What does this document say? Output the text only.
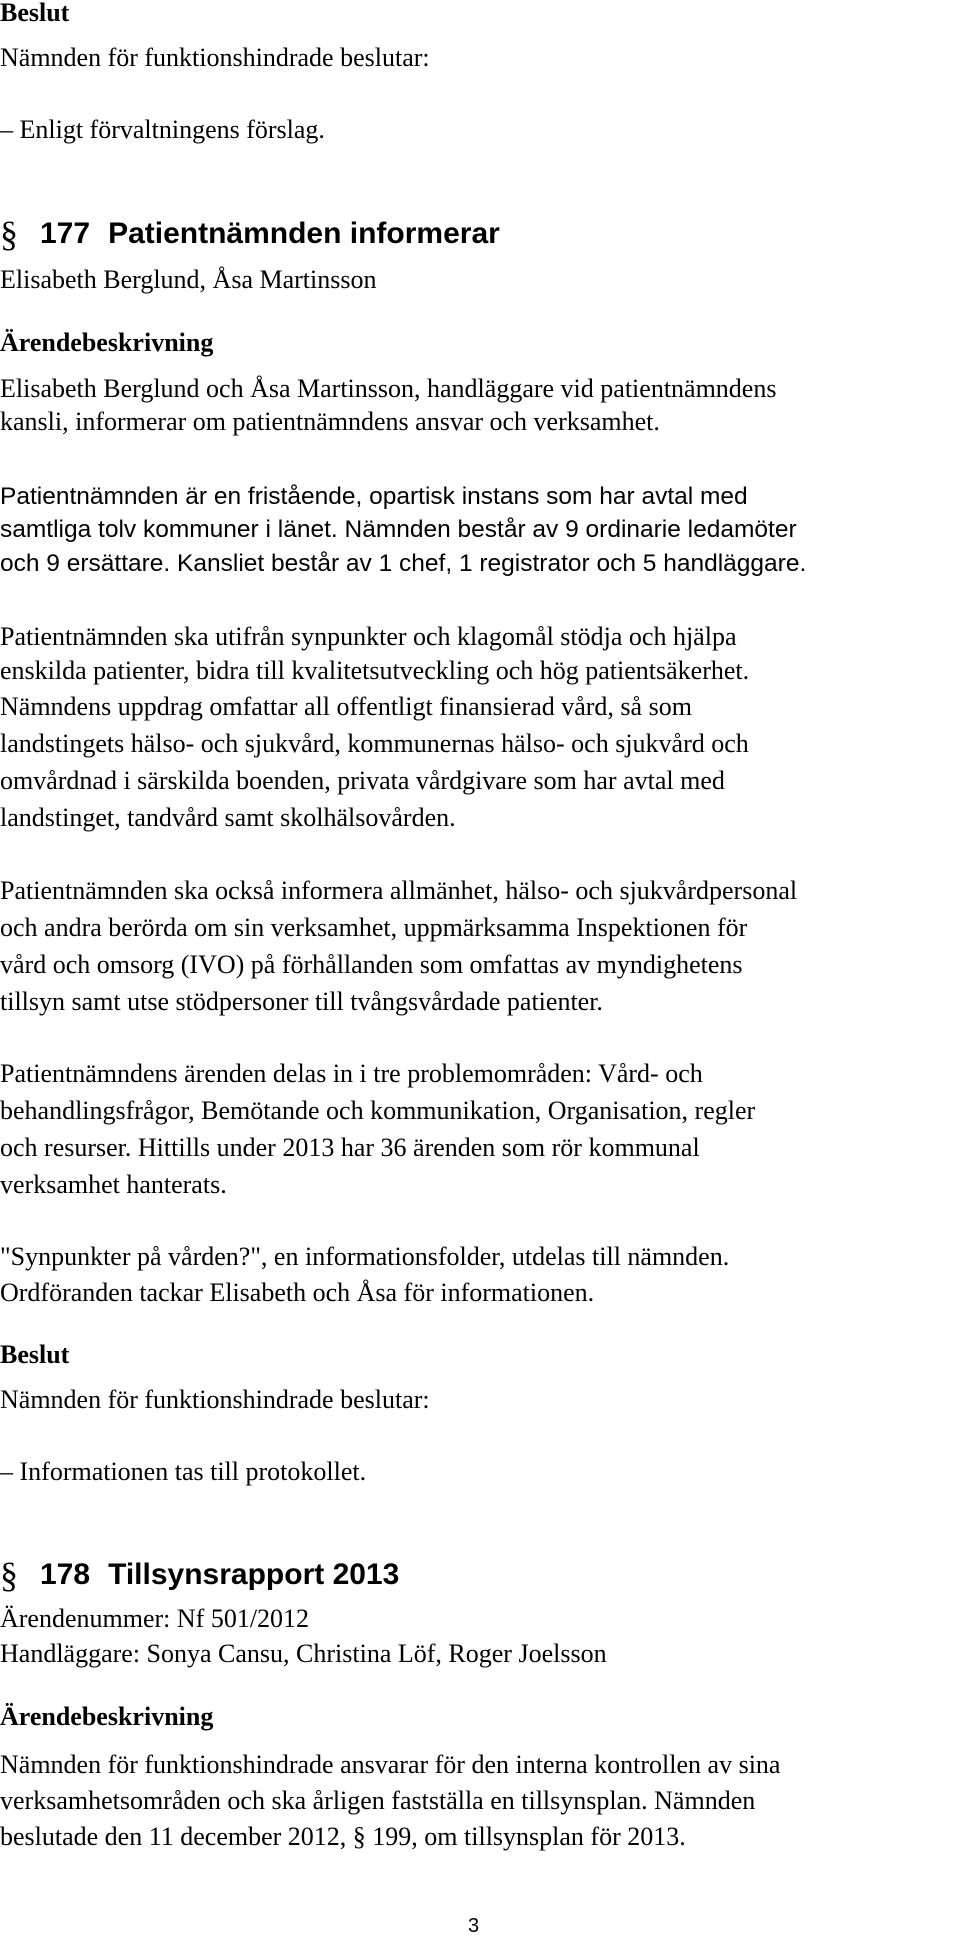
Beslut
Nämnden för funktionshindrade beslutar:
– Enligt förvaltningens förslag.
§ 177 Patientnämnden informerar
Elisabeth Berglund, Åsa Martinsson
Ärendebeskrivning
Elisabeth Berglund och Åsa Martinsson, handläggare vid patientnämndens
kansli, informerar om patientnämndens ansvar och verksamhet.
Patientnämnden är en fristående, opartisk instans som har avtal med
samtliga tolv kommuner i länet. Nämnden består av 9 ordinarie ledamöter
och 9 ersättare. Kansliet består av 1 chef, 1 registrator och 5 handläggare.
Patientnämnden ska utifrån synpunkter och klagomål stödja och hjälpa
enskilda patienter, bidra till kvalitetsutveckling och hög patientsäkerhet.
Nämndens uppdrag omfattar all offentligt finansierad vård, så som
landstingets hälso- och sjukvård, kommunernas hälso- och sjukvård och
omvårdnad i särskilda boenden, privata vårdgivare som har avtal med
landstinget, tandvård samt skolhälsovården.
Patientnämnden ska också informera allmänhet, hälso- och sjukvårdpersonal
och andra berörda om sin verksamhet, uppmärksamma Inspektionen för
vård och omsorg (IVO) på förhållanden som omfattas av myndighetens
tillsyn samt utse stödpersoner till tvångsvårdade patienter.
Patientnämndens ärenden delas in i tre problemområden: Vård- och
behandlingsfrågor, Bemötande och kommunikation, Organisation, regler
och resurser. Hittills under 2013 har 36 ärenden som rör kommunal
verksamhet hanterats.
"Synpunkter på vården?", en informationsfolder, utdelas till nämnden.
Ordföranden tackar Elisabeth och Åsa för informationen.
Beslut
Nämnden för funktionshindrade beslutar:
– Informationen tas till protokollet.
§ 178 Tillsynsrapport 2013
Ärendenummer: Nf 501/2012
Handläggare: Sonya Cansu, Christina Löf, Roger Joelsson
Ärendebeskrivning
Nämnden för funktionshindrade ansvarar för den interna kontrollen av sina
verksamhetsområden och ska årligen fastställa en tillsynsplan. Nämnden
beslutade den 11 december 2012, § 199, om tillsynsplan för 2013.
3
